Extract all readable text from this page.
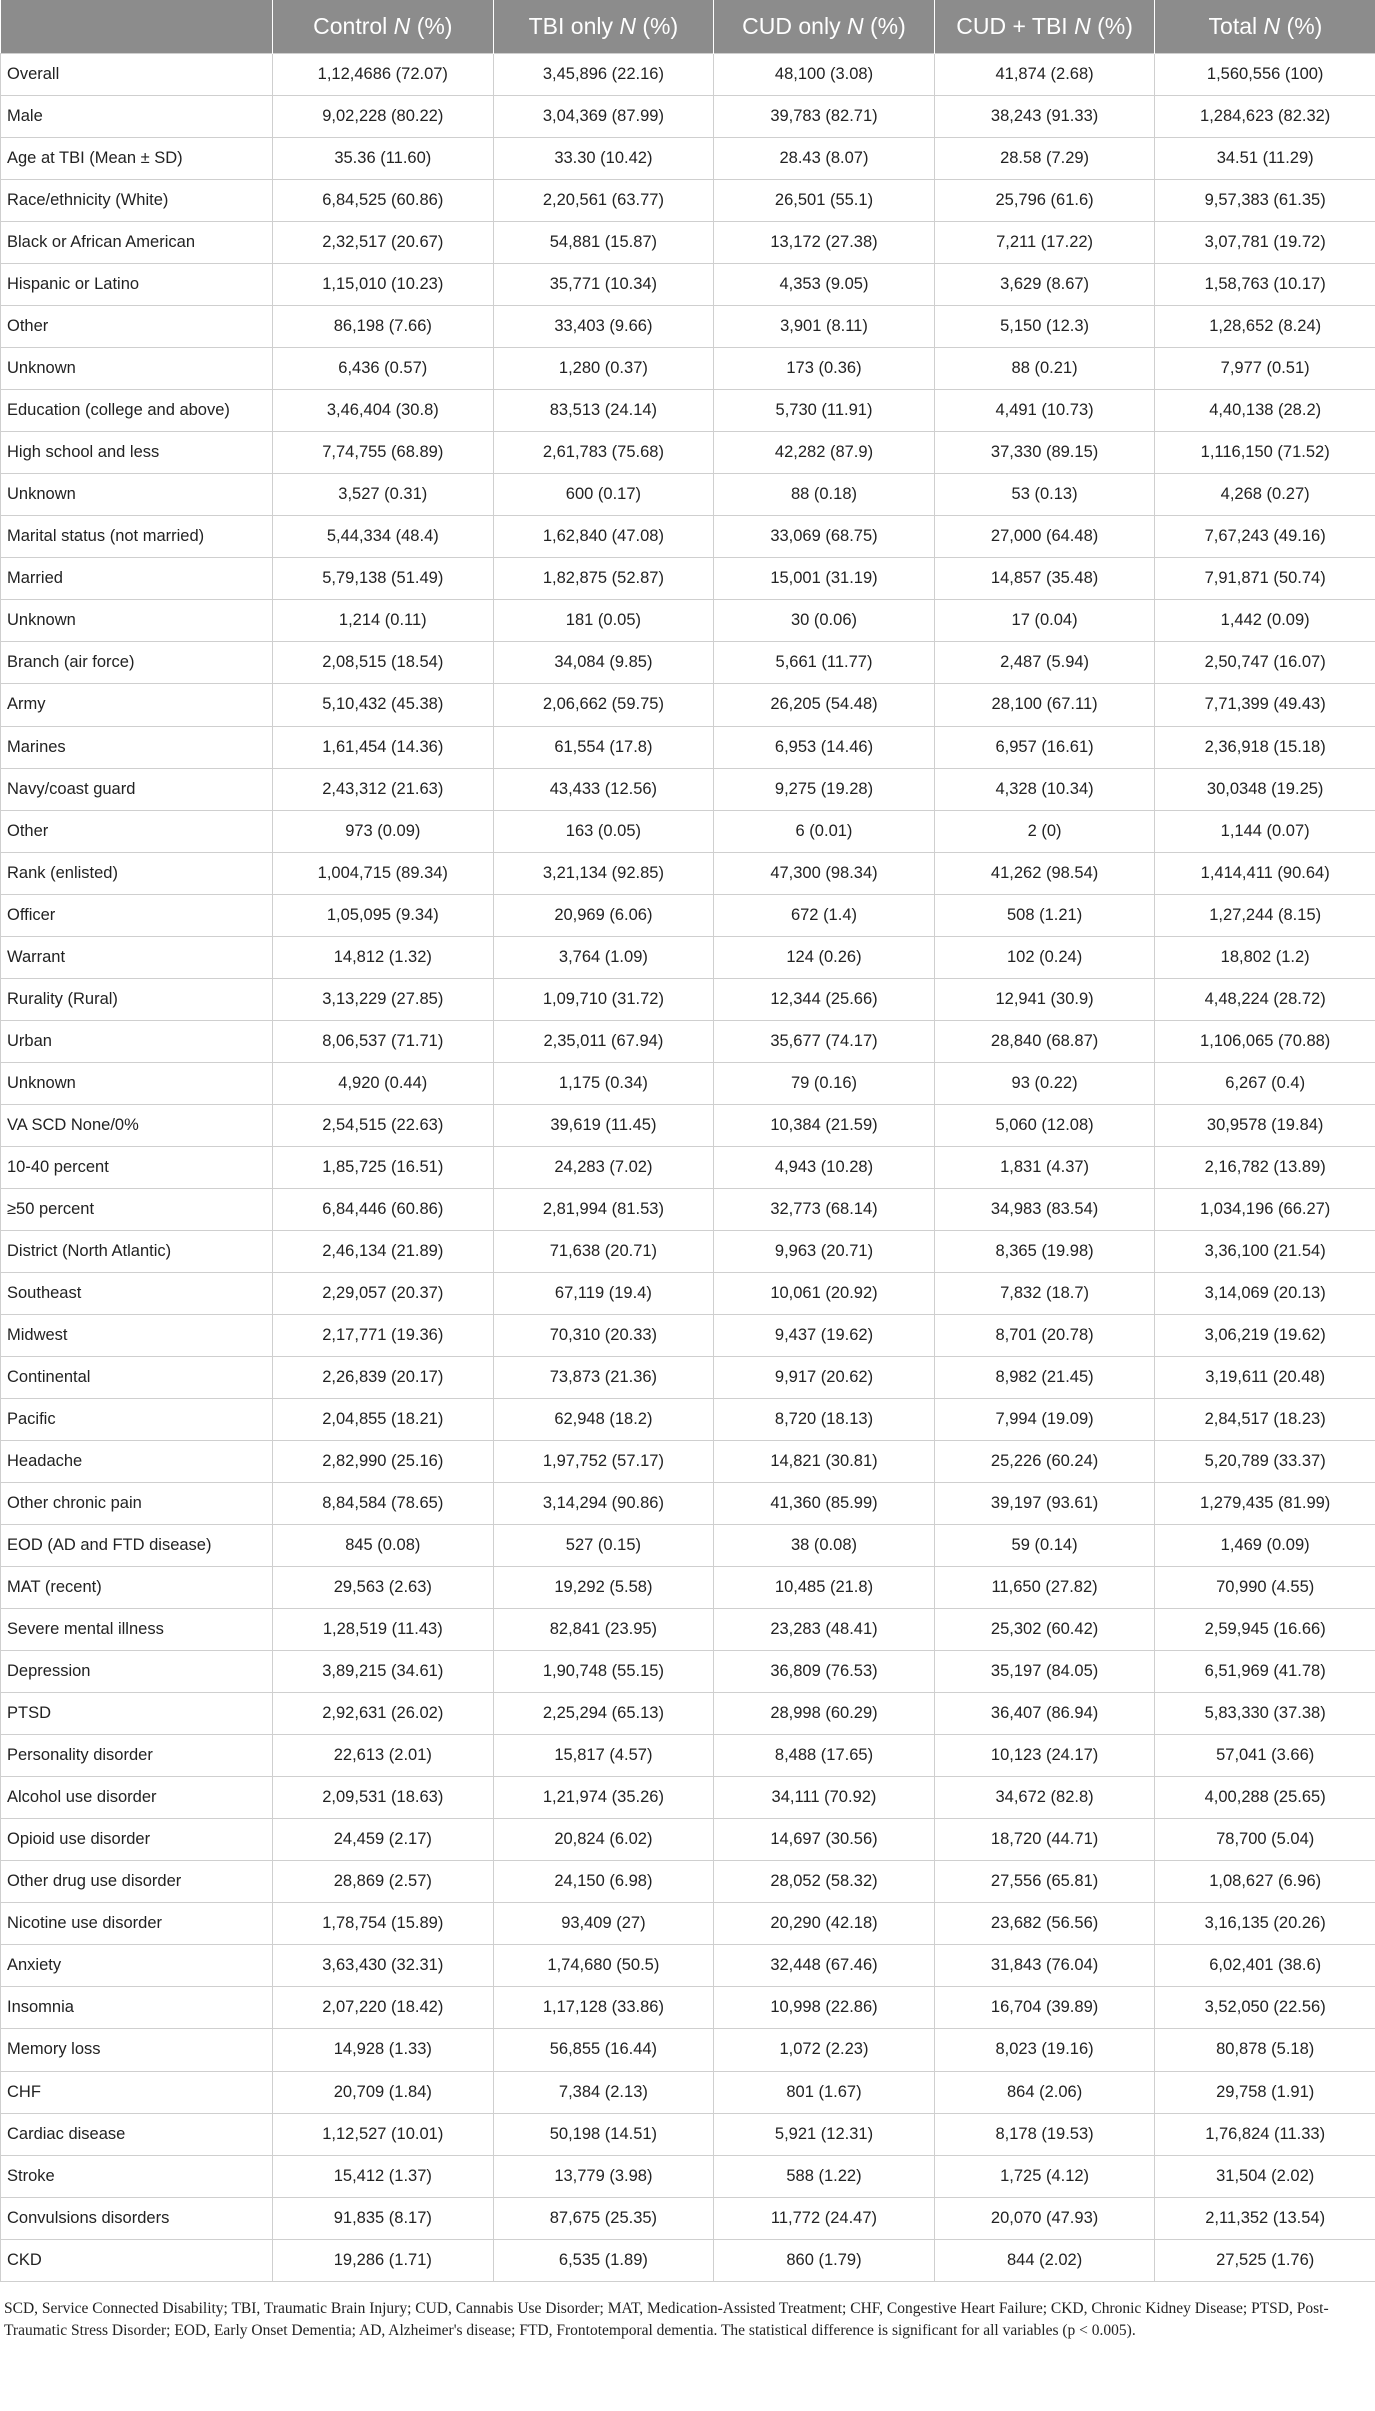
	Control N (%)	TBI only N (%)	CUD only N (%)	CUD + TBI N (%)	Total N (%)
Overall	1,12,4686 (72.07)	3,45,896 (22.16)	48,100 (3.08)	41,874 (2.68)	1,560,556 (100)
Male	9,02,228 (80.22)	3,04,369 (87.99)	39,783 (82.71)	38,243 (91.33)	1,284,623 (82.32)
Age at TBI (Mean ± SD)	35.36 (11.60)	33.30 (10.42)	28.43 (8.07)	28.58 (7.29)	34.51 (11.29)
Race/ethnicity (White)	6,84,525 (60.86)	2,20,561 (63.77)	26,501 (55.1)	25,796 (61.6)	9,57,383 (61.35)
Black or African American	2,32,517 (20.67)	54,881 (15.87)	13,172 (27.38)	7,211 (17.22)	3,07,781 (19.72)
Hispanic or Latino	1,15,010 (10.23)	35,771 (10.34)	4,353 (9.05)	3,629 (8.67)	1,58,763 (10.17)
Other	86,198 (7.66)	33,403 (9.66)	3,901 (8.11)	5,150 (12.3)	1,28,652 (8.24)
Unknown	6,436 (0.57)	1,280 (0.37)	173 (0.36)	88 (0.21)	7,977 (0.51)
Education (college and above)	3,46,404 (30.8)	83,513 (24.14)	5,730 (11.91)	4,491 (10.73)	4,40,138 (28.2)
High school and less	7,74,755 (68.89)	2,61,783 (75.68)	42,282 (87.9)	37,330 (89.15)	1,116,150 (71.52)
Unknown	3,527 (0.31)	600 (0.17)	88 (0.18)	53 (0.13)	4,268 (0.27)
Marital status (not married)	5,44,334 (48.4)	1,62,840 (47.08)	33,069 (68.75)	27,000 (64.48)	7,67,243 (49.16)
Married	5,79,138 (51.49)	1,82,875 (52.87)	15,001 (31.19)	14,857 (35.48)	7,91,871 (50.74)
Unknown	1,214 (0.11)	181 (0.05)	30 (0.06)	17 (0.04)	1,442 (0.09)
Branch (air force)	2,08,515 (18.54)	34,084 (9.85)	5,661 (11.77)	2,487 (5.94)	2,50,747 (16.07)
Army	5,10,432 (45.38)	2,06,662 (59.75)	26,205 (54.48)	28,100 (67.11)	7,71,399 (49.43)
Marines	1,61,454 (14.36)	61,554 (17.8)	6,953 (14.46)	6,957 (16.61)	2,36,918 (15.18)
Navy/coast guard	2,43,312 (21.63)	43,433 (12.56)	9,275 (19.28)	4,328 (10.34)	30,0348 (19.25)
Other	973 (0.09)	163 (0.05)	6 (0.01)	2 (0)	1,144 (0.07)
Rank (enlisted)	1,004,715 (89.34)	3,21,134 (92.85)	47,300 (98.34)	41,262 (98.54)	1,414,411 (90.64)
Officer	1,05,095 (9.34)	20,969 (6.06)	672 (1.4)	508 (1.21)	1,27,244 (8.15)
Warrant	14,812 (1.32)	3,764 (1.09)	124 (0.26)	102 (0.24)	18,802 (1.2)
Rurality (Rural)	3,13,229 (27.85)	1,09,710 (31.72)	12,344 (25.66)	12,941 (30.9)	4,48,224 (28.72)
Urban	8,06,537 (71.71)	2,35,011 (67.94)	35,677 (74.17)	28,840 (68.87)	1,106,065 (70.88)
Unknown	4,920 (0.44)	1,175 (0.34)	79 (0.16)	93 (0.22)	6,267 (0.4)
VA SCD None/0%	2,54,515 (22.63)	39,619 (11.45)	10,384 (21.59)	5,060 (12.08)	30,9578 (19.84)
10-40 percent	1,85,725 (16.51)	24,283 (7.02)	4,943 (10.28)	1,831 (4.37)	2,16,782 (13.89)
≥50 percent	6,84,446 (60.86)	2,81,994 (81.53)	32,773 (68.14)	34,983 (83.54)	1,034,196 (66.27)
District (North Atlantic)	2,46,134 (21.89)	71,638 (20.71)	9,963 (20.71)	8,365 (19.98)	3,36,100 (21.54)
Southeast	2,29,057 (20.37)	67,119 (19.4)	10,061 (20.92)	7,832 (18.7)	3,14,069 (20.13)
Midwest	2,17,771 (19.36)	70,310 (20.33)	9,437 (19.62)	8,701 (20.78)	3,06,219 (19.62)
Continental	2,26,839 (20.17)	73,873 (21.36)	9,917 (20.62)	8,982 (21.45)	3,19,611 (20.48)
Pacific	2,04,855 (18.21)	62,948 (18.2)	8,720 (18.13)	7,994 (19.09)	2,84,517 (18.23)
Headache	2,82,990 (25.16)	1,97,752 (57.17)	14,821 (30.81)	25,226 (60.24)	5,20,789 (33.37)
Other chronic pain	8,84,584 (78.65)	3,14,294 (90.86)	41,360 (85.99)	39,197 (93.61)	1,279,435 (81.99)
EOD (AD and FTD disease)	845 (0.08)	527 (0.15)	38 (0.08)	59 (0.14)	1,469 (0.09)
MAT (recent)	29,563 (2.63)	19,292 (5.58)	10,485 (21.8)	11,650 (27.82)	70,990 (4.55)
Severe mental illness	1,28,519 (11.43)	82,841 (23.95)	23,283 (48.41)	25,302 (60.42)	2,59,945 (16.66)
Depression	3,89,215 (34.61)	1,90,748 (55.15)	36,809 (76.53)	35,197 (84.05)	6,51,969 (41.78)
PTSD	2,92,631 (26.02)	2,25,294 (65.13)	28,998 (60.29)	36,407 (86.94)	5,83,330 (37.38)
Personality disorder	22,613 (2.01)	15,817 (4.57)	8,488 (17.65)	10,123 (24.17)	57,041 (3.66)
Alcohol use disorder	2,09,531 (18.63)	1,21,974 (35.26)	34,111 (70.92)	34,672 (82.8)	4,00,288 (25.65)
Opioid use disorder	24,459 (2.17)	20,824 (6.02)	14,697 (30.56)	18,720 (44.71)	78,700 (5.04)
Other drug use disorder	28,869 (2.57)	24,150 (6.98)	28,052 (58.32)	27,556 (65.81)	1,08,627 (6.96)
Nicotine use disorder	1,78,754 (15.89)	93,409 (27)	20,290 (42.18)	23,682 (56.56)	3,16,135 (20.26)
Anxiety	3,63,430 (32.31)	1,74,680 (50.5)	32,448 (67.46)	31,843 (76.04)	6,02,401 (38.6)
Insomnia	2,07,220 (18.42)	1,17,128 (33.86)	10,998 (22.86)	16,704 (39.89)	3,52,050 (22.56)
Memory loss	14,928 (1.33)	56,855 (16.44)	1,072 (2.23)	8,023 (19.16)	80,878 (5.18)
CHF	20,709 (1.84)	7,384 (2.13)	801 (1.67)	864 (2.06)	29,758 (1.91)
Cardiac disease	1,12,527 (10.01)	50,198 (14.51)	5,921 (12.31)	8,178 (19.53)	1,76,824 (11.33)
Stroke	15,412 (1.37)	13,779 (3.98)	588 (1.22)	1,725 (4.12)	31,504 (2.02)
Convulsions disorders	91,835 (8.17)	87,675 (25.35)	11,772 (24.47)	20,070 (47.93)	2,11,352 (13.54)
CKD	19,286 (1.71)	6,535 (1.89)	860 (1.79)	844 (2.02)	27,525 (1.76)
SCD, Service Connected Disability; TBI, Traumatic Brain Injury; CUD, Cannabis Use Disorder; MAT, Medication-Assisted Treatment; CHF, Congestive Heart Failure; CKD, Chronic Kidney Disease; PTSD, Post-Traumatic Stress Disorder; EOD, Early Onset Dementia; AD, Alzheimer's disease; FTD, Frontotemporal dementia. The statistical difference is significant for all variables (p < 0.005).
